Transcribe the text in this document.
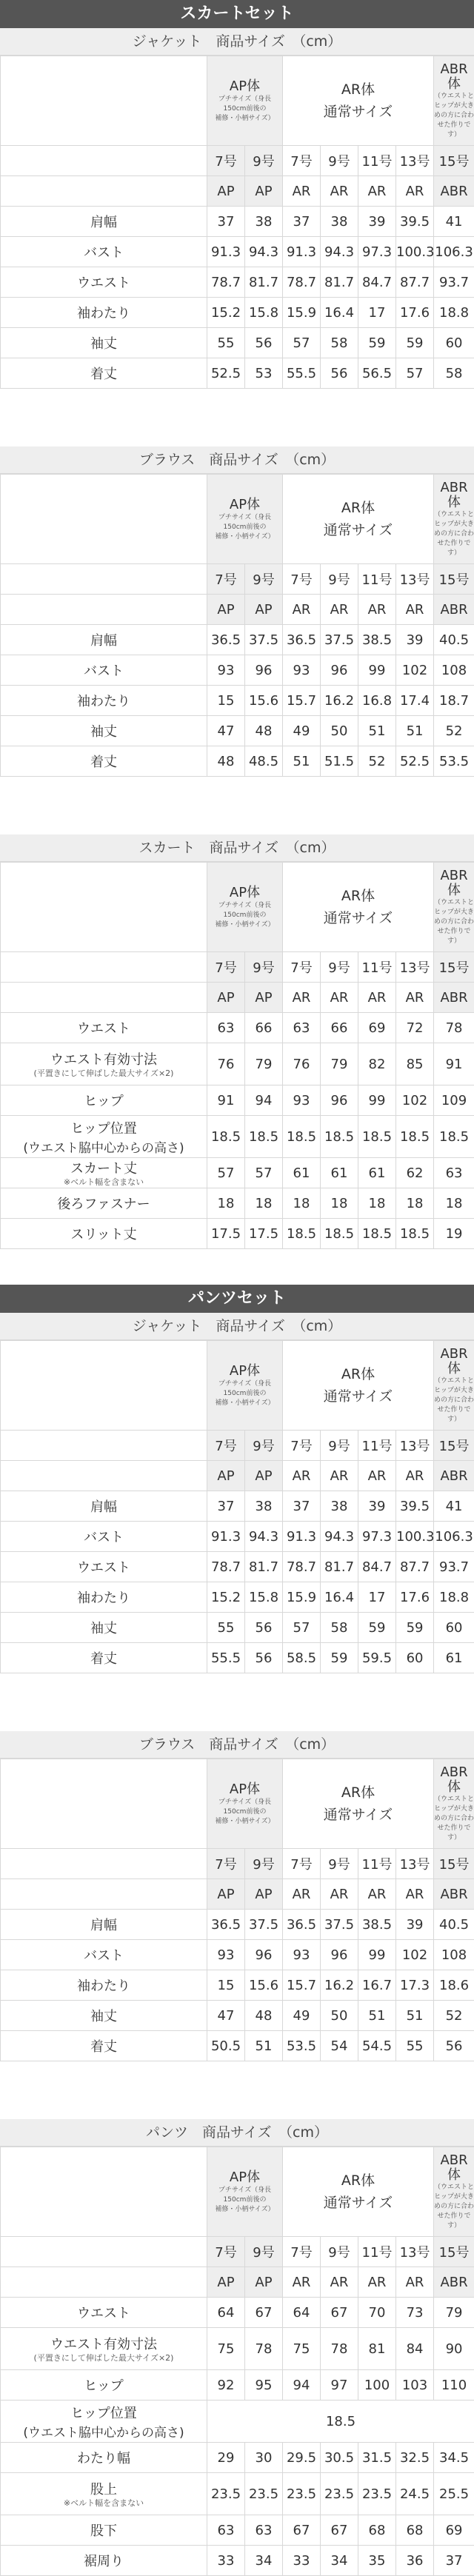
スカートセット
ジャケット　商品サイズ　（cm）

	AP体
プチサイズ（身長150cm前後の
補修・小柄サイズ）		AR体
通常サイズ				ABR体
（ウエストとヒップが大きめの方に合わせた作りです）

	7号	9号	7号	9号	11号	13号	15号
	AP	AP	AR	AR	AR	AR	ABR

肩幅	37	38	37	38	39	39.5	41

バスト	91.3	94.3	91.3	94.3	97.3	100.3	106.3

ウエスト	78.7	81.7	78.7	81.7	84.7	87.7	93.7

袖わたり	15.2	15.8	15.9	16.4	17	17.6	18.8

袖丈	55	56	57	58	59	59	60

着丈	52.5	53	55.5	56	56.5	57	58
ブラウス　商品サイズ　（cm）

	AP体
プチサイズ（身長150cm前後の
補修・小柄サイズ）		AR体
通常サイズ				ABR体
（ウエストとヒップが大きめの方に合わせた作りです）

	7号	9号	7号	9号	11号	13号	15号
	AP	AP	AR	AR	AR	AR	ABR

肩幅	36.5	37.5	36.5	37.5	38.5	39	40.5

バスト	93	96	93	96	99	102	108

袖わたり	15	15.6	15.7	16.2	16.8	17.4	18.7

袖丈	47	48	49	50	51	51	52

着丈	48	48.5	51	51.5	52	52.5	53.5
スカート　商品サイズ　（cm）

	AP体
プチサイズ（身長150cm前後の
補修・小柄サイズ）		AR体
通常サイズ				ABR体
（ウエストとヒップが大きめの方に合わせた作りです）

	7号	9号	7号	9号	11号	13号	15号
	AP	AP	AR	AR	AR	AR	ABR

ウエスト	63	66	63	66	69	72	78

ウエスト有効寸法
(平置きにして伸ばした最大サイズ×2)	76	79	76	79	82	85	91

ヒップ	91	94	93	96	99	102	109

ヒップ位置
(ウエスト脇中心からの高さ)	18.5	18.5	18.5	18.5	18.5	18.5	18.5

スカート丈
※ベルト幅を含まない	57	57	61	61	61	62	63

後ろファスナー	18	18	18	18	18	18	18

スリット丈	17.5	17.5	18.5	18.5	18.5	18.5	19
パンツセット
ジャケット　商品サイズ　（cm）

	AP体
プチサイズ（身長150cm前後の
補修・小柄サイズ）		AR体
通常サイズ				ABR体
（ウエストとヒップが大きめの方に合わせた作りです）

	7号	9号	7号	9号	11号	13号	15号
	AP	AP	AR	AR	AR	AR	ABR

肩幅	37	38	37	38	39	39.5	41

バスト	91.3	94.3	91.3	94.3	97.3	100.3	106.3

ウエスト	78.7	81.7	78.7	81.7	84.7	87.7	93.7

袖わたり	15.2	15.8	15.9	16.4	17	17.6	18.8

袖丈	55	56	57	58	59	59	60

着丈	55.5	56	58.5	59	59.5	60	61
ブラウス　商品サイズ　（cm）

	AP体
プチサイズ（身長150cm前後の
補修・小柄サイズ）		AR体
通常サイズ				ABR体
（ウエストとヒップが大きめの方に合わせた作りです）

	7号	9号	7号	9号	11号	13号	15号
	AP	AP	AR	AR	AR	AR	ABR

肩幅	36.5	37.5	36.5	37.5	38.5	39	40.5

バスト	93	96	93	96	99	102	108

袖わたり	15	15.6	15.7	16.2	16.7	17.3	18.6

袖丈	47	48	49	50	51	51	52

着丈	50.5	51	53.5	54	54.5	55	56
パンツ　商品サイズ　（cm）

	AP体
プチサイズ（身長150cm前後の
補修・小柄サイズ）		AR体
通常サイズ				ABR体
（ウエストとヒップが大きめの方に合わせた作りです）

	7号	9号	7号	9号	11号	13号	15号
	AP	AP	AR	AR	AR	AR	ABR

ウエスト	64	67	64	67	70	73	79

ウエスト有効寸法
(平置きにして伸ばした最大サイズ×2)	75	78	75	78	81	84	90

ヒップ	92	95	94	97	100	103	110

ヒップ位置
(ウエスト脇中心からの高さ)	18.5						

わたり幅	29	30	29.5	30.5	31.5	32.5	34.5

股上
※ベルト幅を含まない	23.5	23.5	23.5	23.5	23.5	24.5	25.5

股下	63	63	67	67	68	68	69

裾周り	33	34	33	34	35	36	37
